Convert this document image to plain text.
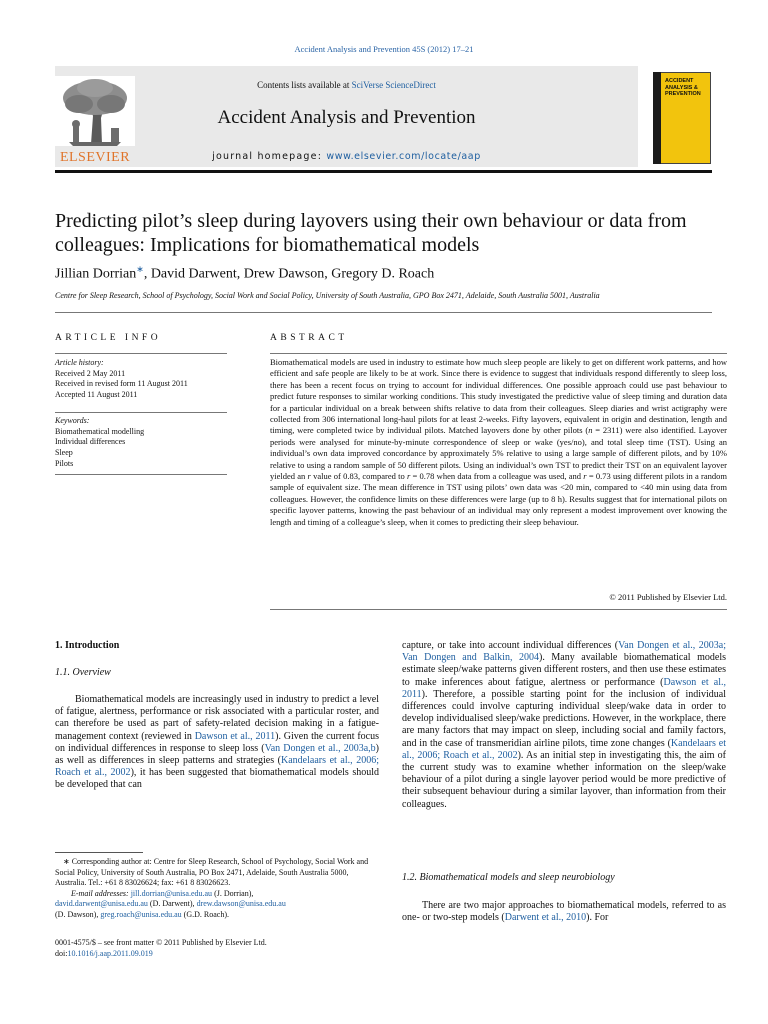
Accident Analysis and Prevention 45S (2012) 17–21
ELSEVIER
Contents lists available at SciVerse ScienceDirect
Accident Analysis and Prevention
journal homepage: www.elsevier.com/locate/aap
ACCIDENT ANALYSIS & PREVENTION
Predicting pilot’s sleep during layovers using their own behaviour or data from colleagues: Implications for biomathematical models
Jillian Dorrian∗, David Darwent, Drew Dawson, Gregory D. Roach
Centre for Sleep Research, School of Psychology, Social Work and Social Policy, University of South Australia, GPO Box 2471, Adelaide, South Australia 5001, Australia
ARTICLE INFO
Article history:
Received 2 May 2011
Received in revised form 11 August 2011
Accepted 11 August 2011
Keywords:
Biomathematical modelling
Individual differences
Sleep
Pilots
ABSTRACT
Biomathematical models are used in industry to estimate how much sleep people are likely to get on different work patterns, and how efficient and safe people are likely to be at work. Since there is evidence to suggest that individuals respond differently to sleep loss, there has been a recent focus on trying to account for individual differences. One possible approach could use past behaviour to predict future responses to similar working conditions. This study investigated the predictive value of sleep timing and duration data for a particular individual on a break between shifts relative to data from their colleagues. Sleep diaries and wrist actigraphy were collected from 306 international long-haul pilots for at least 2-weeks. Fifty layovers, equivalent in origin and destination, length and timing, were completed twice by individual pilots. Matched layovers done by other pilots (n = 2311) were also identified. Layover periods were analysed for minute-by-minute correspondence of sleep or wake (yes/no), and total sleep time (TST). Using an individual’s own data improved concordance by approximately 5% relative to using a large sample of different pilots, and by 10% relative to using a random sample of 50 different pilots. Using an individual’s own TST to predict their TST on an equivalent layover yielded an r value of 0.83, compared to r = 0.78 when data from a colleague was used, and r = 0.73 using different pilots in a random sample of equivalent size. The mean difference in TST using pilots’ own data was <20 min, compared to <40 min using data from colleagues. However, the confidence limits on these differences were large (up to 8 h). Results suggest that for international pilots on specific layover patterns, knowing the past behaviour of an individual may only represent a modest improvement over knowing the length and timing of a colleague’s sleep, when it comes to predicting their sleep behaviour.
© 2011 Published by Elsevier Ltd.
1. Introduction
1.1. Overview
  Biomathematical models are increasingly used in industry to predict a level of fatigue, alertness, performance or risk associated with a particular roster, and can therefore be used as part of safety-related decision making in a fatigue-management context (reviewed in Dawson et al., 2011). Given the current focus on individual differences in response to sleep loss (Van Dongen et al., 2003a,b) as well as differences in sleep patterns and strategies (Kandelaars et al., 2006; Roach et al., 2002), it has been suggested that biomathematical models should be developed that can
 ∗ Corresponding author at: Centre for Sleep Research, School of Psychology, Social Work and Social Policy, University of South Australia, PO Box 2471, Adelaide, South Australia 5000, Australia. Tel.: +61 8 83026624; fax: +61 8 83026623.
  E-mail addresses: jill.dorrian@unisa.edu.au (J. Dorrian),
david.darwent@unisa.edu.au (D. Darwent), drew.dawson@unisa.edu.au
(D. Dawson), greg.roach@unisa.edu.au (G.D. Roach).
0001-4575/$ – see front matter © 2011 Published by Elsevier Ltd.
doi:10.1016/j.aap.2011.09.019
capture, or take into account individual differences (Van Dongen et al., 2003a; Van Dongen and Balkin, 2004). Many available biomathematical models estimate sleep/wake patterns given different rosters, and then use these estimates to make inferences about fatigue, alertness or performance (Dawson et al., 2011). Therefore, a possible starting point for the inclusion of individual differences could involve capturing individual sleep/wake data in order to develop individualised sleep/wake predictions. However, in the workplace, there are many factors that may impact on sleep, including social and family factors, and in the case of transmeridian airline pilots, time zone changes (Kandelaars et al., 2006; Roach et al., 2002). As an initial step in investigating this, the aim of the current study was to examine whether information on the sleep/wake behaviour of a pilot during a single layover period would be more predictive of their subsequent behaviour during a similar layover, than information from their colleagues.
1.2. Biomathematical models and sleep neurobiology
  There are two major approaches to biomathematical models, referred to as one- or two-step models (Darwent et al., 2010). For
